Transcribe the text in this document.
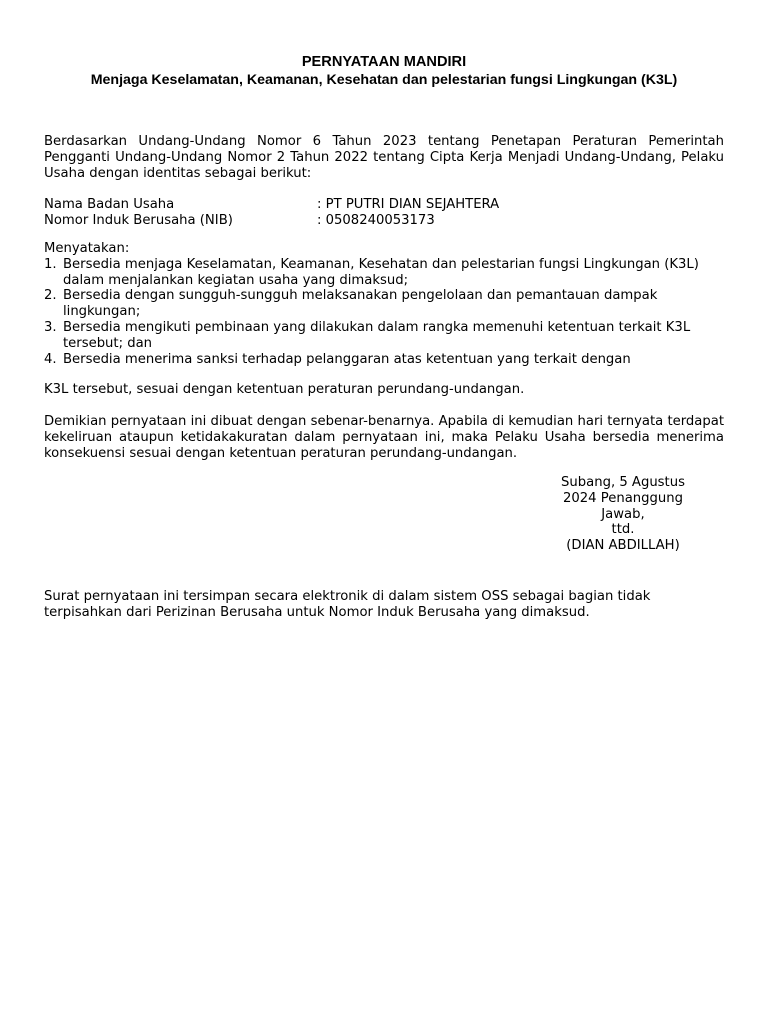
PERNYATAAN MANDIRI
Menjaga Keselamatan, Keamanan, Kesehatan dan pelestarian fungsi Lingkungan (K3L)
Berdasarkan Undang-Undang Nomor 6 Tahun 2023 tentang Penetapan Peraturan Pemerintah Pengganti Undang-Undang Nomor 2 Tahun 2022 tentang Cipta Kerja Menjadi Undang-Undang, Pelaku Usaha dengan identitas sebagai berikut:
Nama Badan Usaha	: PT PUTRI DIAN SEJAHTERA
Nomor Induk Berusaha (NIB)	: 0508240053173
Menyatakan:
1. Bersedia menjaga Keselamatan, Keamanan, Kesehatan dan pelestarian fungsi Lingkungan (K3L) dalam menjalankan kegiatan usaha yang dimaksud;
2. Bersedia dengan sungguh-sungguh melaksanakan pengelolaan dan pemantauan dampak lingkungan;
3. Bersedia mengikuti pembinaan yang dilakukan dalam rangka memenuhi ketentuan terkait K3L tersebut; dan
4. Bersedia menerima sanksi terhadap pelanggaran atas ketentuan yang terkait dengan
K3L tersebut, sesuai dengan ketentuan peraturan perundang-undangan.
Demikian pernyataan ini dibuat dengan sebenar-benarnya. Apabila di kemudian hari ternyata terdapat kekeliruan ataupun ketidakakuratan dalam pernyataan ini, maka Pelaku Usaha bersedia menerima konsekuensi sesuai dengan ketentuan peraturan perundang-undangan.
Subang, 5 Agustus
2024 Penanggung
Jawab,
ttd.
(DIAN ABDILLAH)
Surat pernyataan ini tersimpan secara elektronik di dalam sistem OSS sebagai bagian tidak terpisahkan dari Perizinan Berusaha untuk Nomor Induk Berusaha yang dimaksud.
